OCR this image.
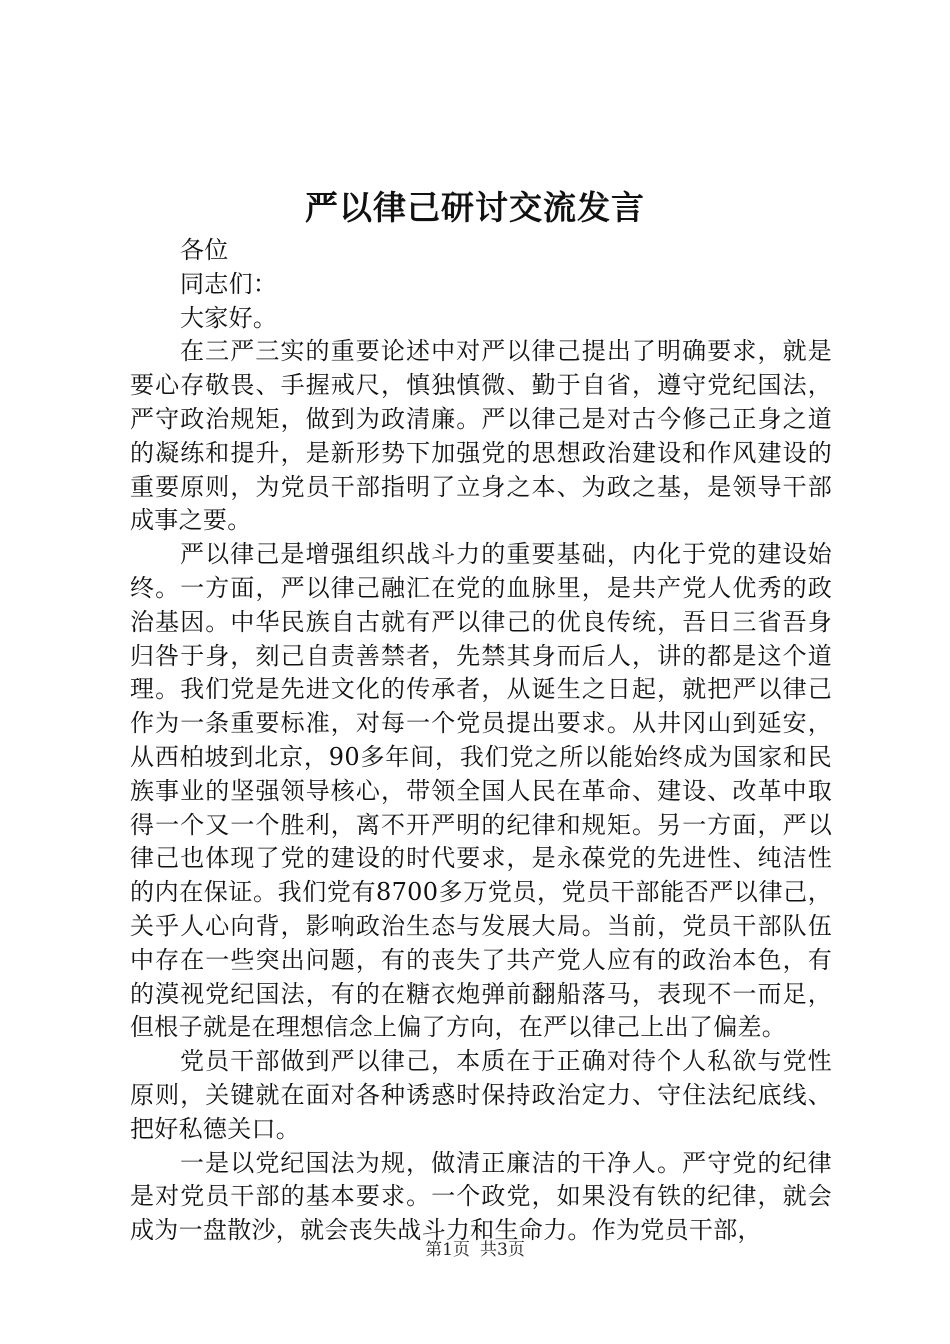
严以律己研讨交流发言

各位

同志们：

大家好。

在三严三实的重要论述中对严以律己提出了明确要求，就是要心存敬畏、手握戒尺，慎独慎微、勤于自省，遵守党纪国法，严守政治规矩，做到为政清廉。严以律己是对古今修己正身之道的凝练和提升，是新形势下加强党的思想政治建设和作风建设的重要原则，为党员干部指明了立身之本、为政之基，是领导干部成事之要。

严以律己是增强组织战斗力的重要基础，内化于党的建设始终。一方面，严以律己融汇在党的血脉里，是共产党人优秀的政治基因。中华民族自古就有严以律己的优良传统，吾日三省吾身归咎于身，刻己自责善禁者，先禁其身而后人，讲的都是这个道理。我们党是先进文化的传承者，从诞生之日起，就把严以律己作为一条重要标准，对每一个党员提出要求。从井冈山到延安，从西柏坡到北京，90多年间，我们党之所以能始终成为国家和民族事业的坚强领导核心，带领全国人民在革命、建设、改革中取得一个又一个胜利，离不开严明的纪律和规矩。另一方面，严以律己也体现了党的建设的时代要求，是永葆党的先进性、纯洁性的内在保证。我们党有8700多万党员，党员干部能否严以律己，关乎人心向背，影响政治生态与发展大局。当前，党员干部队伍中存在一些突出问题，有的丧失了共产党人应有的政治本色，有的漠视党纪国法，有的在糖衣炮弹前翻船落马，表现不一而足，但根子就是在理想信念上偏了方向，在严以律己上出了偏差。

党员干部做到严以律己，本质在于正确对待个人私欲与党性原则，关键就在面对各种诱惑时保持政治定力、守住法纪底线、把好私德关口。

一是以党纪国法为规，做清正廉洁的干净人。严守党的纪律是对党员干部的基本要求。一个政党，如果没有铁的纪律，就会成为一盘散沙，就会丧失战斗力和生命力。作为党员干部，

第1页 共3页
